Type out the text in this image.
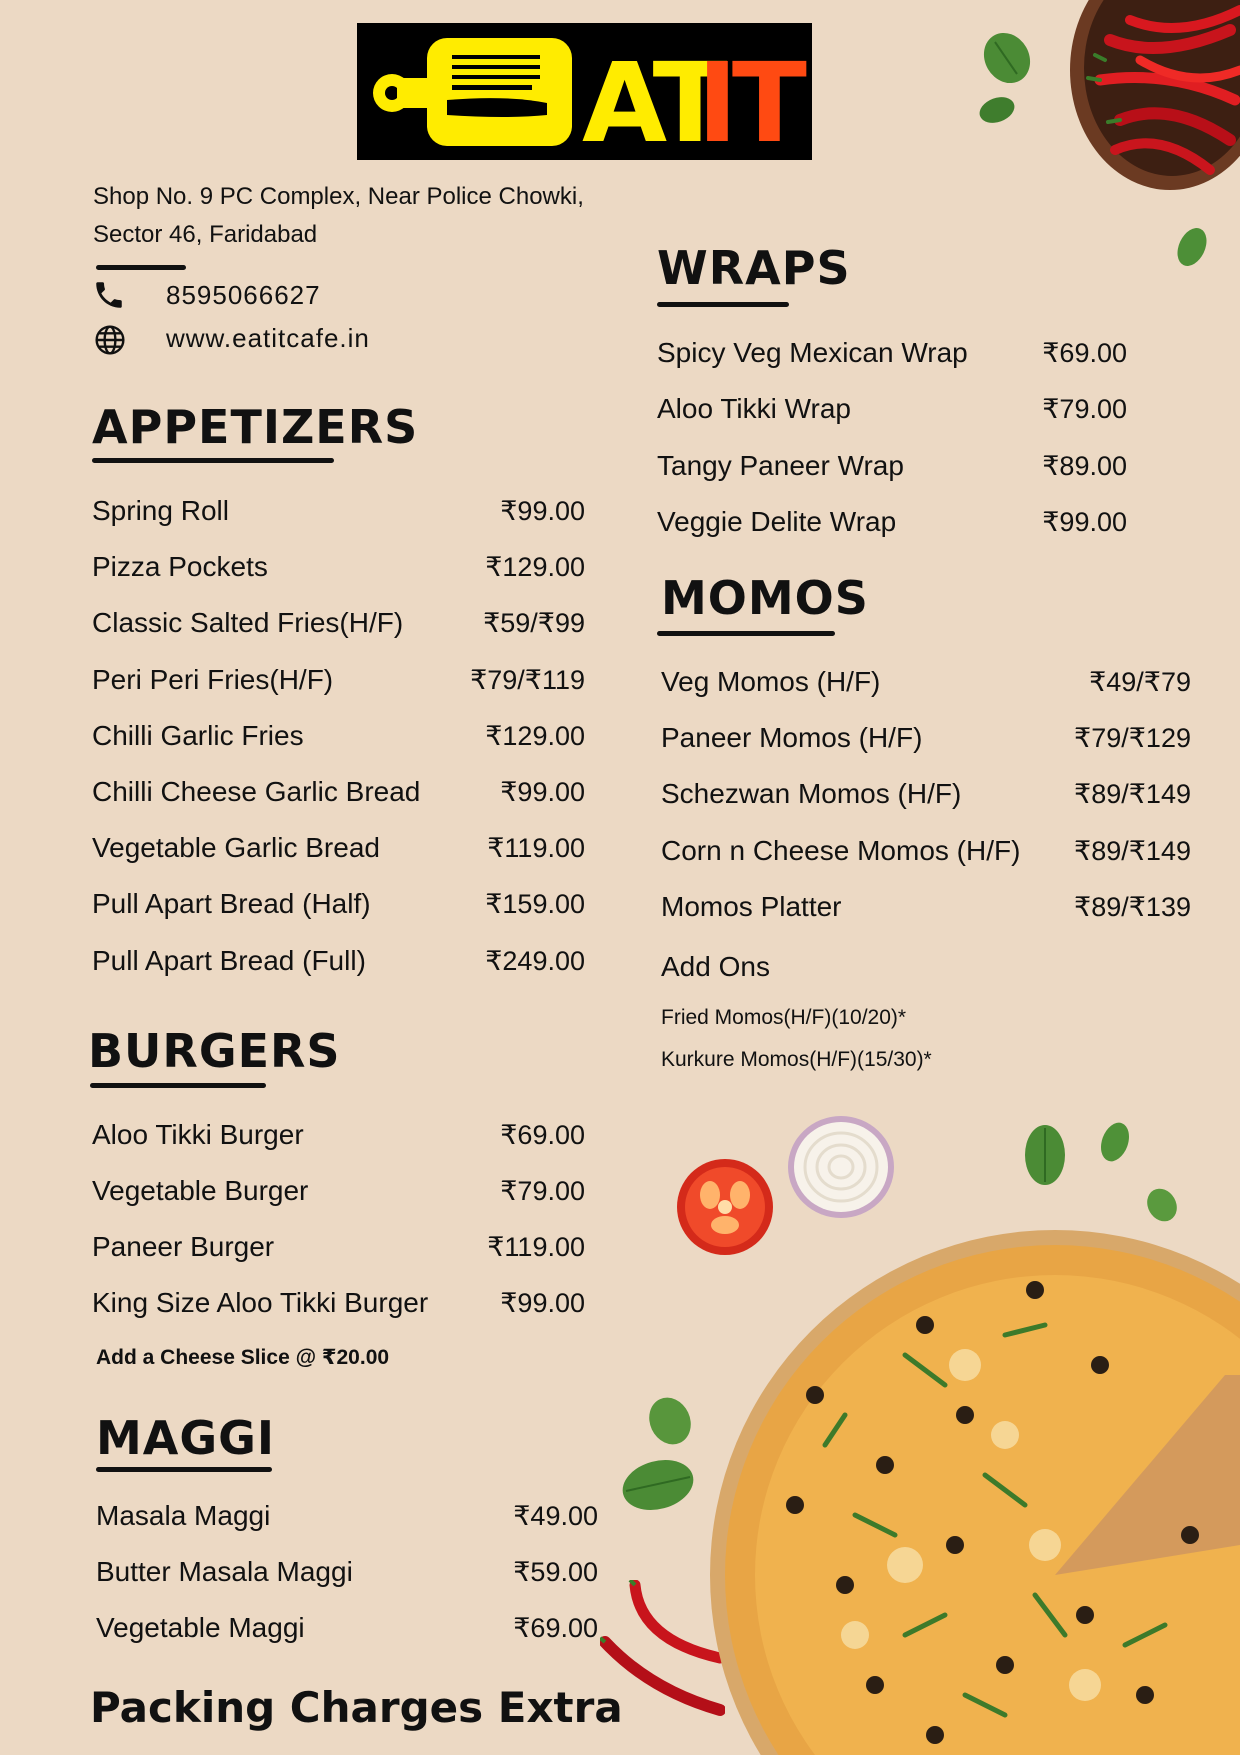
AT
IT
Shop No. 9 PC Complex, Near Police Chowki,
Sector 46, Faridabad
8595066627
www.eatitcafe.in
APPETIZERS
Spring Roll	₹99.00
Pizza Pockets	₹129.00
Classic Salted Fries(H/F)	₹59/₹99
Peri Peri Fries(H/F)	₹79/₹119
Chilli Garlic Fries	₹129.00
Chilli Cheese Garlic Bread	₹99.00
Vegetable Garlic Bread	₹119.00
Pull Apart Bread (Half)	₹159.00
Pull Apart Bread (Full)	₹249.00
BURGERS
Aloo Tikki Burger	₹69.00
Vegetable Burger	₹79.00
Paneer Burger	₹119.00
King Size Aloo Tikki Burger	₹99.00
Add a Cheese Slice @ ₹20.00
MAGGI
Masala Maggi	₹49.00
Butter Masala Maggi	₹59.00
Vegetable Maggi	₹69.00
Packing Charges Extra
WRAPS
Spicy Veg Mexican Wrap	₹69.00
Aloo Tikki Wrap	₹79.00
Tangy Paneer Wrap	₹89.00
Veggie Delite Wrap	₹99.00
MOMOS
Veg Momos (H/F)	₹49/₹79
Paneer Momos (H/F)	₹79/₹129
Schezwan Momos (H/F)	₹89/₹149
Corn n Cheese Momos (H/F) ₹89/₹149
Momos Platter	₹89/₹139
Add Ons
Fried Momos(H/F)(10/20)*
Kurkure Momos(H/F)(15/30)*
